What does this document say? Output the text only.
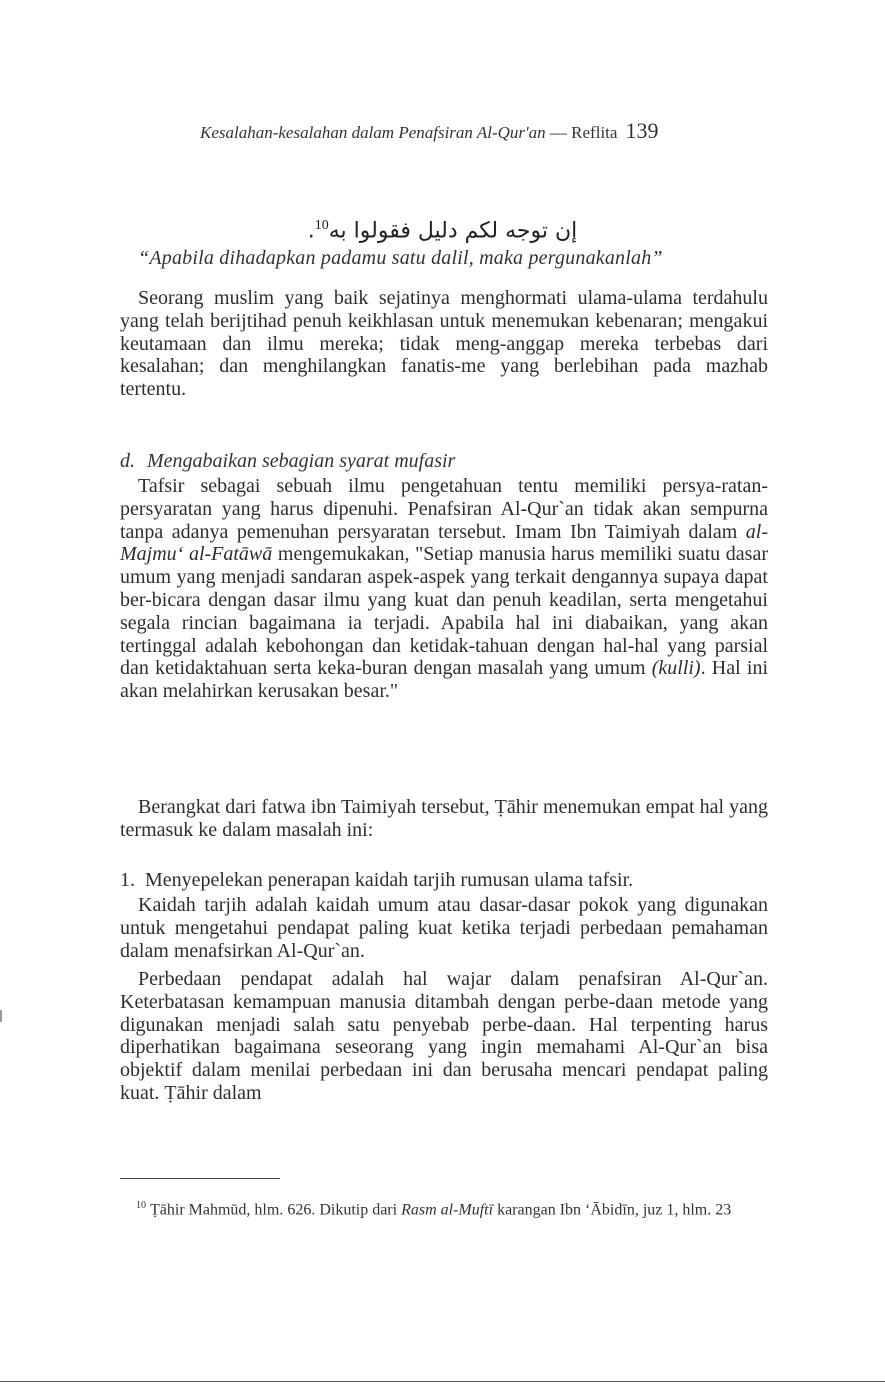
Kesalahan-kesalahan dalam Penafsiran Al-Qur'an — Reflita 139
إن توجه لكم دليل فقولوا به$^{10}$.
“Apabila dihadapkan padamu satu dalil, maka pergunakanlah”

Seorang muslim yang baik sejatinya menghormati ulama-ulama terdahulu yang telah berijtihad penuh keikhlasan untuk menemukan kebenaran; mengakui keutamaan dan ilmu mereka; tidak meng-anggap mereka terbebas dari kesalahan; dan menghilangkan fanatis-me yang berlebihan pada mazhab tertentu.

d. Mengabaikan sebagian syarat mufasir

Tafsir sebagai sebuah ilmu pengetahuan tentu memiliki persya-ratan-persyaratan yang harus dipenuhi. Penafsiran Al-Qur`an tidak akan sempurna tanpa adanya pemenuhan persyaratan tersebut. Imam Ibn Taimiyah dalam al-Majmu‘ al-Fatāwā mengemukakan, "Setiap manusia harus memiliki suatu dasar umum yang menjadi sandaran aspek-aspek yang terkait dengannya supaya dapat ber-bicara dengan dasar ilmu yang kuat dan penuh keadilan, serta mengetahui segala rincian bagaimana ia terjadi. Apabila hal ini diabaikan, yang akan tertinggal adalah kebohongan dan ketidak-tahuan dengan hal-hal yang parsial dan ketidaktahuan serta keka-buran dengan masalah yang umum (kulli). Hal ini akan melahirkan kerusakan besar."

Berangkat dari fatwa ibn Taimiyah tersebut, Ṭāhir menemukan empat hal yang termasuk ke dalam masalah ini:

1. Menyepelekan penerapan kaidah tarjih rumusan ulama tafsir.

Kaidah tarjih adalah kaidah umum atau dasar-dasar pokok yang digunakan untuk mengetahui pendapat paling kuat ketika terjadi perbedaan pemahaman dalam menafsirkan Al-Qur`an.

Perbedaan pendapat adalah hal wajar dalam penafsiran Al-Qur`an. Keterbatasan kemampuan manusia ditambah dengan perbe-daan metode yang digunakan menjadi salah satu penyebab perbe-daan. Hal terpenting harus diperhatikan bagaimana seseorang yang ingin memahami Al-Qur`an bisa objektif dalam menilai perbedaan ini dan berusaha mencari pendapat paling kuat. Ṭāhir dalam

$^{10}$ Ṭāhir Mahmūd, hlm. 626. Dikutip dari Rasm al-Muftī karangan Ibn ‘Ābidīn, juz 1, hlm. 23
